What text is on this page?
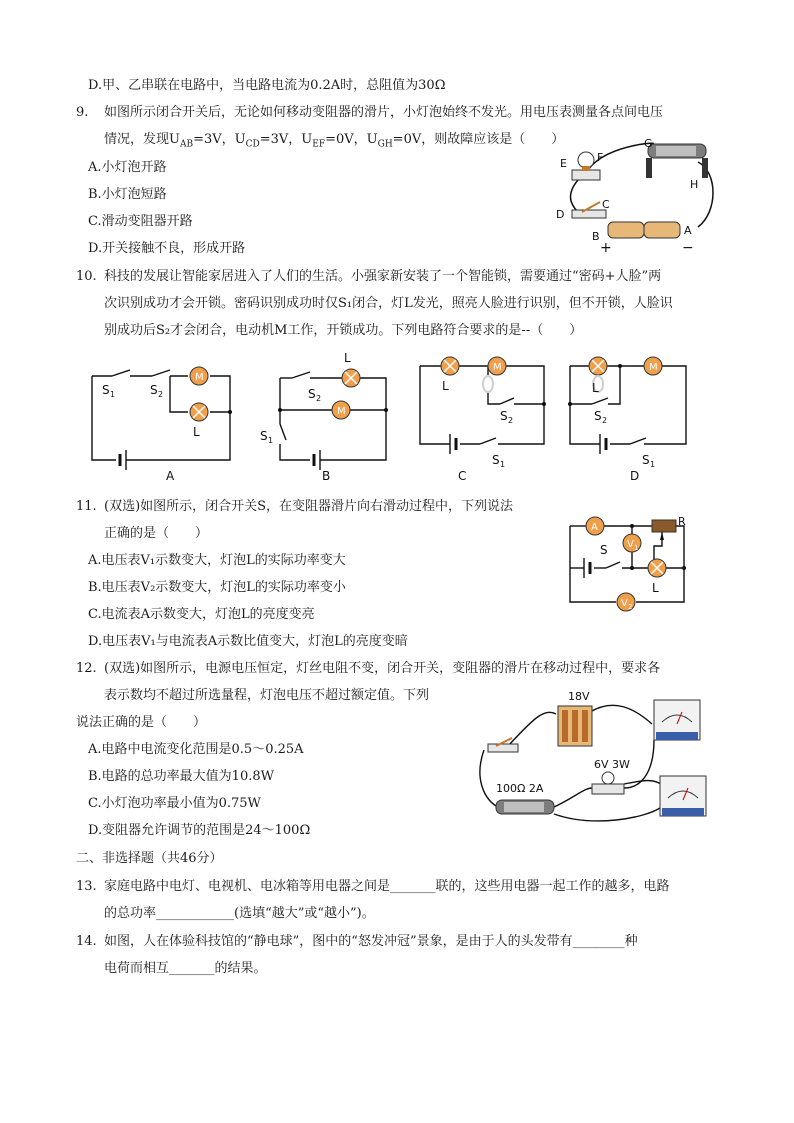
D.甲、乙串联在电路中，当电路电流为0.2A时，总阻值为30Ω
9. 如图所示闭合开关后，无论如何移动变阻器的滑片，小灯泡始终不发光。用电压表测量各点间电压
情况，发现$U_{AB}=3V$，$U_{CD}=3V$，$U_{EF}=0V$，$U_{GH}=0V$，则故障应该是（　　）
A.小灯泡开路
B.小灯泡短路
C.滑动变阻器开路
D.开关接触不良，形成开路
10. 科技的发展让智能家居进入了人们的生活。小强家新安装了一个智能锁，需要通过“密码+人脸”两
次识别成功才会开锁。密码识别成功时仅S₁闭合，灯L发光，照亮人脸进行识别，但不开锁，人脸识
别成功后S₂才会闭合，电动机M工作，开锁成功。下列电路符合要求的是--（　　）
11. (双选)如图所示，闭合开关S，在变阻器滑片向右滑动过程中，下列说法
正确的是（　　）
A.电压表V₁示数变大，灯泡L的实际功率变大
B.电压表V₂示数变大，灯泡L的实际功率变小
C.电流表A示数变大，灯泡L的亮度变亮
D.电压表V₁与电流表A示数比值变大，灯泡L的亮度变暗
12. (双选)如图所示，电源电压恒定，灯丝电阻不变，闭合开关，变阻器的滑片在移动过程中，要求各
表示数均不超过所选量程，灯泡电压不超过额定值。下列
说法正确的是（　　）
A.电路中电流变化范围是0.5～0.25A
B.电路的总功率最大值为10.8W
C.小灯泡功率最小值为0.75W
D.变阻器允许调节的范围是24～100Ω
二、非选择题（共46分）
13. 家庭电路中电灯、电视机、电冰箱等用电器之间是_______联的，这些用电器一起工作的越多，电路
的总功率____________(选填“越大”或“越小”)。
14. 如图，人在体验科技馆的“静电球”，图中的“怒发冲冠”景象，是由于人的头发带有________种
电荷而相互_______的结果。
E	F
G
H
D
C
B	A
+	−
M
S 1	S 2
L
A
L
S 2
M
S 1
B
M
L
S 2
S 1
C
M
L
S 2
S 1
D
A	R
S V 1
L
V 2
18V
6V 3W
100Ω 2A
